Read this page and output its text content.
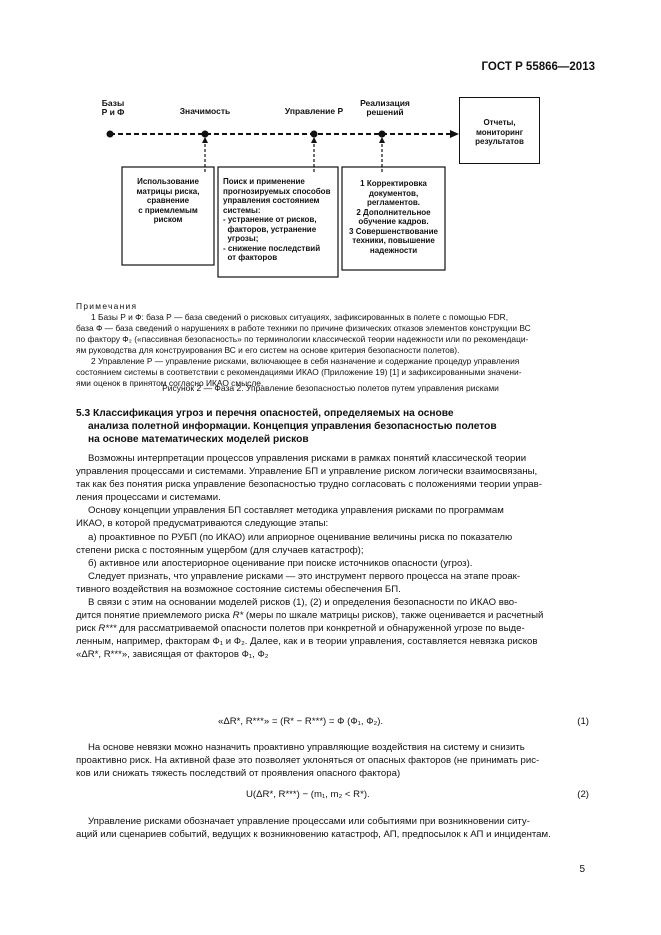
ГОСТ Р 55866—2013
Базы
Р и Ф	Значимость	Управление Р
Реализация
решений
Отчеты,
мониторинг
результатов
Использование
матрицы риска,
сравнение
с приемлемым
риском
Поиск и применение
прогнозируемых способов
управления состоянием
системы:
- устранение от рисков,
факторов, устранение
угрозы;
- снижение последствий
от факторов
1 Корректировка
документов,
регламентов.
2 Дополнительное
обучение кадров.
3 Совершенствование
техники, повышение
надежности

Примечания

1 Базы Р и Ф: база Р — база сведений о рисковых ситуациях, зафиксированных в полете с помощью FDR,

база Ф — база сведений о нарушениях в работе техники по причине физических отказов элементов конструкции ВС

по фактору Ф₂ («пассивная безопасность» по терминологии классической теории надежности или по рекомендаци-

ям руководства для конструирования ВС и его систем на основе критерия безопасности полетов).

2 Управление Р — управление рисками, включающее в себя назначение и содержание процедур управления

состоянием системы в соответствии с рекомендациями ИКАО (Приложение 19) [1] и зафиксированными значени-

ями оценок в принятом согласно ИКАО смысле.

Рисунок 2 — Фаза 2. Управление безопасностью полетов путем управления рисками
5.3 Классификация угроз и перечня опасностей, определяемых на основе
анализа полетной информации. Концепция управления безопасностью полетов
на основе математических моделей рисков
Возможны интерпретации процессов управления рисками в рамках понятий классической теории
управления процессами и системами. Управление БП и управление риском логически взаимосвязаны,
так как без понятия риска управление безопасностью трудно согласовать с положениями теории управ-
ления процессами и системами.
Основу концепции управления БП составляет методика управления рисками по программам
ИКАО, в которой предусматриваются следующие этапы:
а) проактивное по РУБП (по ИКАО) или априорное оценивание величины риска по показателю
степени риска с постоянным ущербом (для случаев катастроф);
б) активное или апостериорное оценивание при поиске источников опасности (угроз).
Следует признать, что управление рисками — это инструмент первого процесса на этапе проак-
тивного воздействия на возможное состояние системы обеспечения БП.
В связи с этим на основании моделей рисков (1), (2) и определения безопасности по ИКАО вво-
дится понятие приемлемого риска R* (меры по шкале матрицы рисков), также оценивается и расчетный
риск R*** для рассматриваемой опасности полетов при конкретной и обнаруженной угрозе по выде-
ленным, например, факторам Ф₁ и Ф₂. Далее, как и в теории управления, составляется невязка рисков
«ΔR*, R***», зависящая от факторов Ф₁, Ф₂
«ΔR*, R***» = (R* − R***) = Ф (Ф₁, Ф₂).	(1)
На основе невязки можно назначить проактивно управляющие воздействия на систему и снизить
проактивно риск. На активной фазе это позволяет уклоняться от опасных факторов (не принимать рис-
ков или снижать тяжесть последствий от проявления опасного фактора)
U(ΔR*, R***) − (m₁, m₂ < R*).	(2)
Управление рисками обозначает управление процессами или событиями при возникновении ситу-
аций или сценариев событий, ведущих к возникновению катастроф, АП, предпосылок к АП и инцидентам.
5
